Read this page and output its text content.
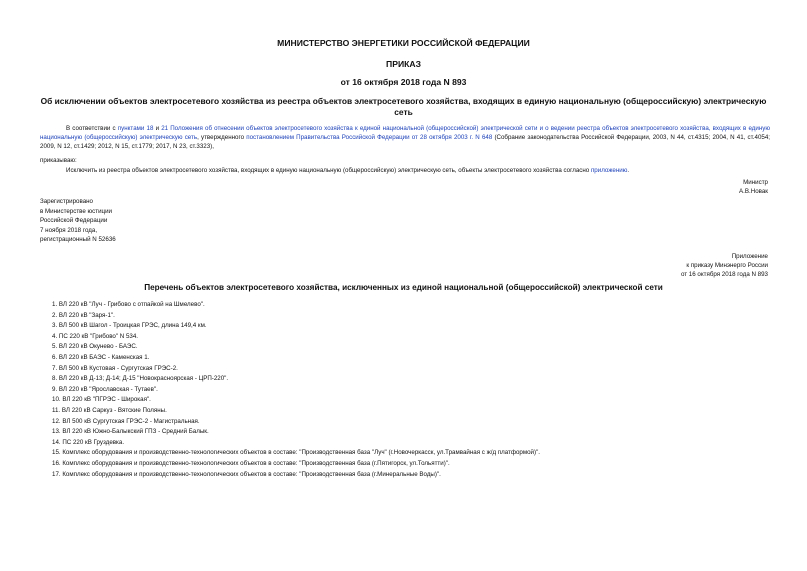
МИНИСТЕРСТВО ЭНЕРГЕТИКИ РОССИЙСКОЙ ФЕДЕРАЦИИ
ПРИКАЗ
от 16 октября 2018 года N 893
Об исключении объектов электросетевого хозяйства из реестра объектов электросетевого хозяйства, входящих в единую национальную (общероссийскую) электрическую сеть
В соответствии с пунктами 18 и 21 Положения об отнесении объектов электросетевого хозяйства к единой национальной (общероссийской) электрической сети и о ведении реестра объектов электросетевого хозяйства, входящих в единую национальную (общероссийскую) электрическую сеть, утвержденного постановлением Правительства Российской Федерации от 28 октября 2003 г. N 648 (Собрание законодательства Российской Федерации, 2003, N 44, ст.4315; 2004, N 41, ст.4054; 2009, N 12, ст.1429; 2012, N 15, ст.1779; 2017, N 23, ст.3323),
приказываю:
Исключить из реестра объектов электросетевого хозяйства, входящих в единую национальную (общероссийскую) электрическую сеть, объекты электросетевого хозяйства согласно приложению.
Министр
А.В.Новак
Зарегистрировано
в Министерстве юстиции
Российской Федерации
7 ноября 2018 года,
регистрационный N 52636
Приложение
к приказу Минэнерго России
от 16 октября 2018 года N 893
Перечень объектов электросетевого хозяйства, исключенных из единой национальной (общероссийской) электрической сети
1. ВЛ 220 кВ "Луч - Грибово с отпайкой на Шмелево".
2. ВЛ 220 кВ "Заря-1".
3. ВЛ 500 кВ Шагол - Троицкая ГРЭС, длина 149,4 км.
4. ПС 220 кВ "Грибово" N 534.
5. ВЛ 220 кВ Окунево - БАЭС.
6. ВЛ 220 кВ БАЭС - Каменская 1.
7. ВЛ 500 кВ Кустовая - Сургутская ГРЭС-2.
8. ВЛ 220 кВ Д-13; Д-14; Д-15 "Новокраснoярская - ЦРП-220".
9. ВЛ 220 кВ "Ярославская - Тутаев".
10. ВЛ 220 кВ "ПГРЭС - Широкая".
11. ВЛ 220 кВ Саркуз - Вятские Поляны.
12. ВЛ 500 кВ Сургутская ГРЭС-2 - Магистральная.
13. ВЛ 220 кВ Южно-Балыкский ГПЗ - Средний Балык.
14. ПС 220 кВ Груздевка.
15. Комплекс оборудования и производственно-технологических объектов в составе: "Производственная база "Луч" (г.Новочеркасск, ул.Трамвайная с ж/д платформой)".
16. Комплекс оборудования и производственно-технологических объектов в составе: "Производственная база (г.Пятигорск, ул.Тольятти)".
17. Комплекс оборудования и производственно-технологических объектов в составе: "Производственная база (г.Минеральные Воды)".
